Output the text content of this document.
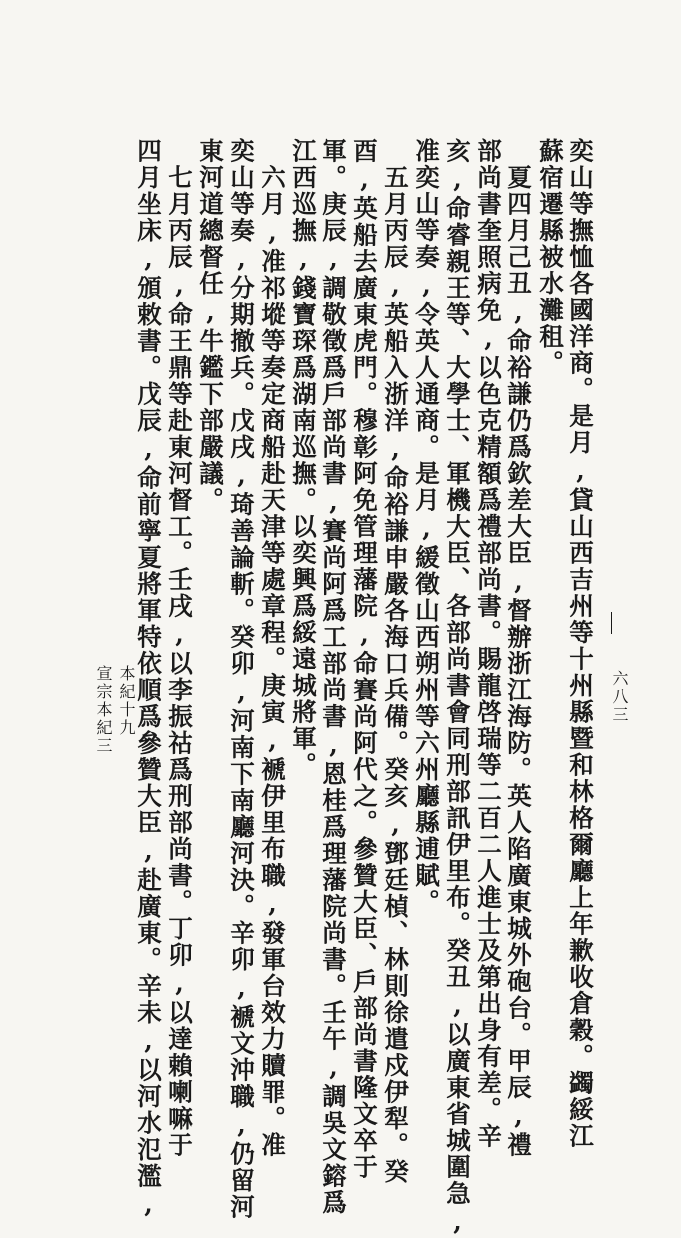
奕山等撫恤各國洋商。是月,貸山西吉州等十州縣暨和林格爾廳上年歉收倉穀。蠲綏江
蘇宿遷縣被水灘租。
　夏四月己丑,命裕謙仍爲欽差大臣,督辦浙江海防。英人陷廣東城外砲台。甲辰,禮
部尚書奎照病免,以色克精額爲禮部尚書。賜龍啓瑞等二百二人進士及第出身有差。辛
亥,命睿親王等、大學士、軍機大臣、各部尚書會同刑部訊伊里布。癸丑,以廣東省城圍急,
准奕山等奏,令英人通商。是月,緩徵山西朔州等六州廳縣逋賦。
　五月丙辰,英船入浙洋,命裕謙申嚴各海口兵備。癸亥,鄧廷楨、林則徐遣戍伊犁。癸
酉,英船去廣東虎門。穆彰阿免管理藩院,命賽尚阿代之。參贊大臣、戶部尚書隆文卒于
軍。庚辰,調敬徵爲戶部尚書,賽尚阿爲工部尚書,恩桂爲理藩院尚書。壬午,調吳文鎔爲
江西巡撫,錢寶琛爲湖南巡撫。以奕興爲綏遠城將軍。
　六月,准祁㙡等奏定商船赴天津等處章程。庚寅,褫伊里布職,發軍台效力贖罪。准
奕山等奏,分期撤兵。戊戌,琦善論斬。癸卯,河南下南廳河決。辛卯,褫文沖職,仍留河
東河道總督任,牛鑑下部嚴議。
　七月丙辰,命王鼎等赴東河督工。壬戌,以李振祜爲刑部尚書。丁卯,以達賴喇嘛于
四月坐床,頒敕書。戊辰,命前寧夏將軍特依順爲參贊大臣,赴廣東。辛未,以河水氾濫,	六八三
本紀十九
宣宗本紀三
